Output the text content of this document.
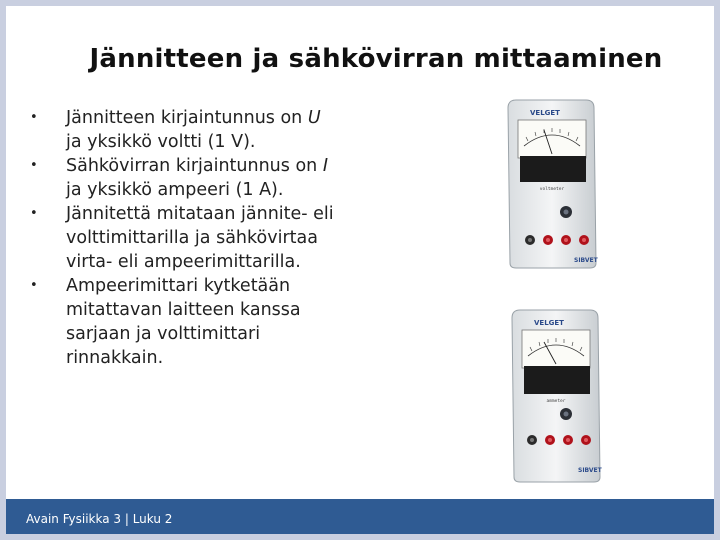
Jännitteen ja sähkövirran mittaaminen
• Jännitteen kirjaintunnus on U
ja yksikkö voltti (1 V).
• Sähkövirran kirjaintunnus on I
ja yksikkö ampeeri (1 A).
• Jännitettä mitataan jännite- eli
volttimittarilla ja sähkövirtaa
virta- eli ampeerimittarilla.
• Ampeerimittari kytketään
mitattavan laitteen kanssa
sarjaan ja volttimittari
rinnakkain.
VELGET
voltmeter
SIBVET
VELGET
ammeter
SIBVET
Avain Fysiikka 3 | Luku 2
